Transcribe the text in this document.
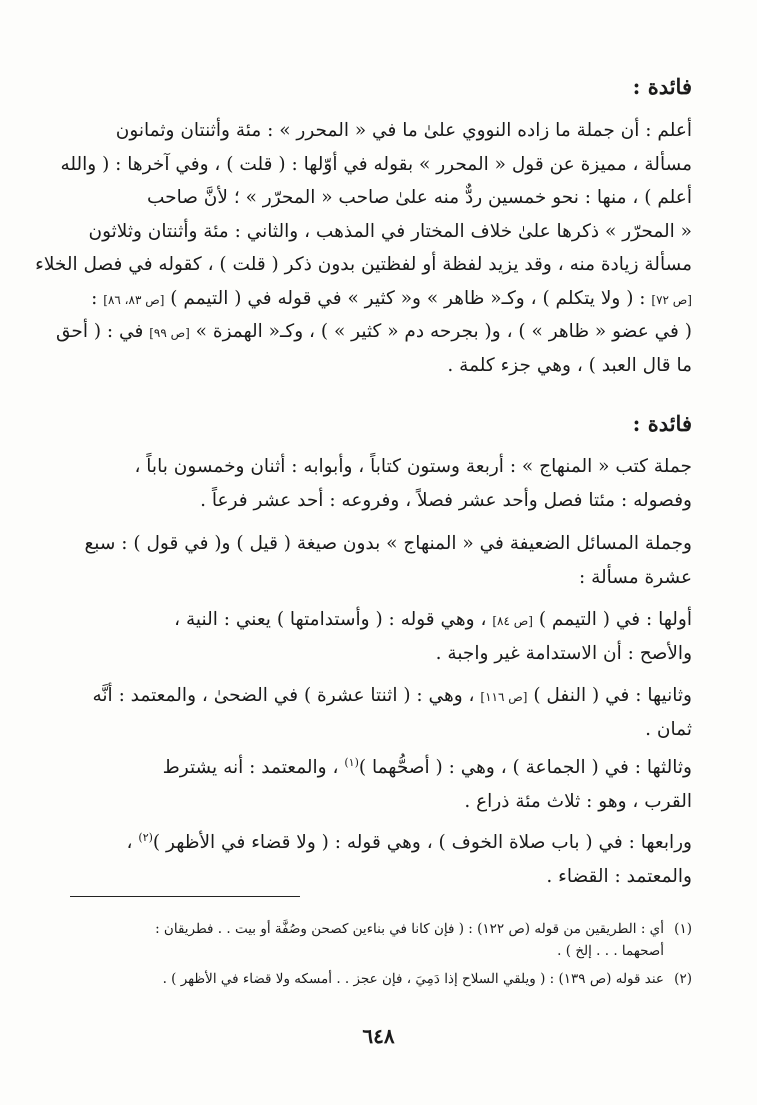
فائدة :
أعلم : أن جملة ما زاده النووي علىٰ ما في « المحرر » : مئة وأثنتان وثمانون
مسألة ، مميزة عن قول « المحرر » بقوله في أوّلها : ( قلت ) ، وفي آخرها : ( والله
أعلم ) ، منها : نحو خمسين ردٌّ منه علىٰ صاحب « المحرّر » ؛ لأنَّ صاحب
« المحرّر » ذكرها علىٰ خلاف المختار في المذهب ، والثاني : مئة وأثنتان وثلاثون
مسألة زيادة منه ، وقد يزيد لفظة أو لفظتين بدون ذكر ( قلت ) ، كقوله في فصل الخلاء
[ص ٧٢] : ( ولا يتكلم ) ، وكـ« ظاهر » و« كثير » في قوله في ( التيمم ) [ص ٨٣، ٨٦] :
( في عضو « ظاهر » ) ، و( بجرحه دم « كثير » ) ، وكـ« الهمزة » [ص ٩٩] في : ( أحق
ما قال العبد ) ، وهي جزء كلمة .
فائدة :
جملة كتب « المنهاج » : أربعة وستون كتاباً ، وأبوابه : أثنان وخمسون باباً ،
وفصوله : مئتا فصل وأحد عشر فصلاً ، وفروعه : أحد عشر فرعاً .
وجملة المسائل الضعيفة في « المنهاج » بدون صيغة ( قيل ) و( في قول ) : سبع
عشرة مسألة :
أولها : في ( التيمم ) [ص ٨٤] ، وهي قوله : ( وأستدامتها ) يعني : النية ،
والأصح : أن الاستدامة غير واجبة .
وثانيها : في ( النفل ) [ص ١١٦] ، وهي : ( اثنتا عشرة ) في الضحىٰ ، والمعتمد : أنَّه
ثمان .
وثالثها : في ( الجماعة ) ، وهي : ( أصحُّهما )$^{(١)}$ ، والمعتمد : أنه يشترط
القرب ، وهو : ثلاث مئة ذراع .
ورابعها : في ( باب صلاة الخوف ) ، وهي قوله : ( ولا قضاء في الأظهر )$^{(٢)}$ ،
والمعتمد : القضاء .
(١)أي : الطريقين من قوله (ص ١٢٢) : ( فإن كانا في بناءين كصحن وصُفَّة أو بيت . . فطريقان :
أصحهما . . . إلخ ) .
(٢)عند قوله (ص ١٣٩) : ( ويلقي السلاح إذا دَمِيَ ، فإن عجز . . أمسكه ولا قضاء في الأظهر ) .
٦٤٨
